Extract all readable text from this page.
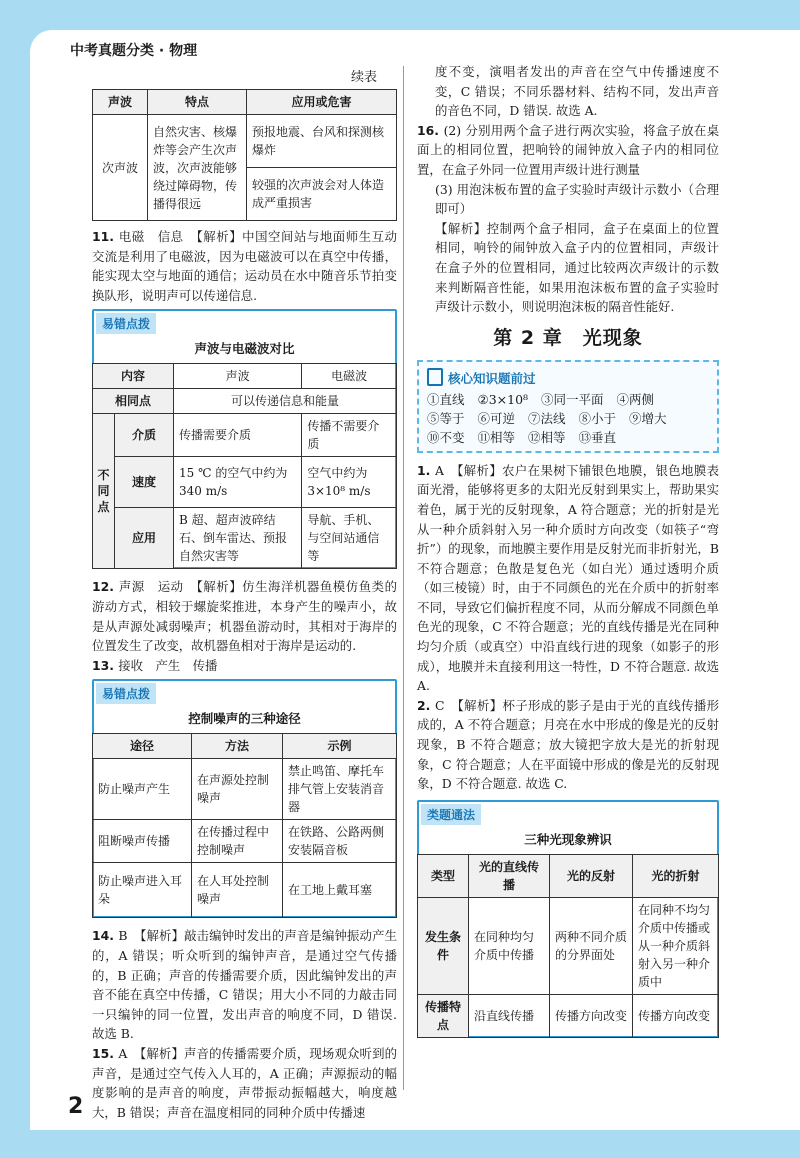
中考真题分类 · 物理
2
续表
声波	特点	应用或危害
次声波	自然灾害、核爆炸等会产生次声波，次声波能够绕过障碍物，传播得很远	预报地震、台风和探测核爆炸
		较强的次声波会对人体造成严重损害

11. 电磁　信息　【解析】中国空间站与地面师生互动交流是利用了电磁波，因为电磁波可以在真空中传播，能实现太空与地面的通信；运动员在水中随音乐节拍变换队形，说明声可以传递信息.

易错点拨
声波与电磁波对比
内容		声波	电磁波
相同点		可以传递信息和能量	
不同点	介质	传播需要介质	传播不需要介质
	速度	15 ℃ 的空气中约为 340 m/s	空气中约为 3×10⁸ m/s
	应用	B 超、超声波碎结石、倒车雷达、预报自然灾害等	导航、手机、与空间站通信等

12. 声源　运动　【解析】仿生海洋机器鱼模仿鱼类的游动方式，相较于螺旋桨推进，本身产生的噪声小，故是从声源处减弱噪声；机器鱼游动时，其相对于海岸的位置发生了改变，故机器鱼相对于海岸是运动的.

13. 接收　产生　传播

易错点拨
控制噪声的三种途径
途径	方法	示例
防止噪声产生	在声源处控制噪声	禁止鸣笛、摩托车排气管上安装消音器
阻断噪声传播	在传播过程中控制噪声	在铁路、公路两侧安装隔音板
防止噪声进入耳朵	在人耳处控制噪声	在工地上戴耳塞

14. B　【解析】敲击编钟时发出的声音是编钟振动产生的，A 错误；听众听到的编钟声音，是通过空气传播的，B 正确；声音的传播需要介质，因此编钟发出的声音不能在真空中传播，C 错误；用大小不同的力敲击同一只编钟的同一位置，发出声音的响度不同，D 错误. 故选 B.

15. A　【解析】声音的传播需要介质，现场观众听到的声音，是通过空气传入人耳的，A 正确；声源振动的幅度影响的是声音的响度，声带振动振幅越大，响度越大，B 错误；声音在温度相同的同种介质中传播速

度不变，演唱者发出的声音在空气中传播速度不变，C 错误；不同乐器材料、结构不同，发出声音的音色不同，D 错误. 故选 A.

16. (2) 分别用两个盒子进行两次实验，将盒子放在桌面上的相同位置，把响铃的闹钟放入盒子内的相同位置，在盒子外同一位置用声级计进行测量

(3) 用泡沫板布置的盒子实验时声级计示数小（合理即可）

【解析】控制两个盒子相同，盒子在桌面上的位置相同，响铃的闹钟放入盒子内的位置相同，声级计在盒子外的位置相同，通过比较两次声级计的示数来判断隔音性能，如果用泡沫板布置的盒子实验时声级计示数小，则说明泡沫板的隔音性能好.

第 2 章　光现象
核心知识题前过
①直线 ②3×10⁸ ③同一平面 ④两侧 ⑤等于 ⑥可逆 ⑦法线 ⑧小于 ⑨增大 ⑩不变 ⑪相等 ⑫相等 ⑬垂直

1. A　【解析】农户在果树下铺银色地膜，银色地膜表面光滑，能够将更多的太阳光反射到果实上，帮助果实着色，属于光的反射现象，A 符合题意；光的折射是光从一种介质斜射入另一种介质时方向改变（如筷子“弯折”）的现象，而地膜主要作用是反射光而非折射光，B 不符合题意；色散是复色光（如白光）通过透明介质（如三棱镜）时，由于不同颜色的光在介质中的折射率不同，导致它们偏折程度不同，从而分解成不同颜色单色光的现象，C 不符合题意；光的直线传播是光在同种均匀介质（或真空）中沿直线行进的现象（如影子的形成），地膜并未直接利用这一特性，D 不符合题意. 故选 A.

2. C　【解析】杯子形成的影子是由于光的直线传播形成的，A 不符合题意；月亮在水中形成的像是光的反射现象，B 不符合题意；放大镜把字放大是光的折射现象，C 符合题意；人在平面镜中形成的像是光的反射现象，D 不符合题意. 故选 C.

类题通法
三种光现象辨识
类型	光的直线传播	光的反射	光的折射
发生条件	在同种均匀介质中传播	两种不同介质的分界面处	在同种不均匀介质中传播或从一种介质斜射入另一种介质中
传播特点	沿直线传播	传播方向改变	传播方向改变
